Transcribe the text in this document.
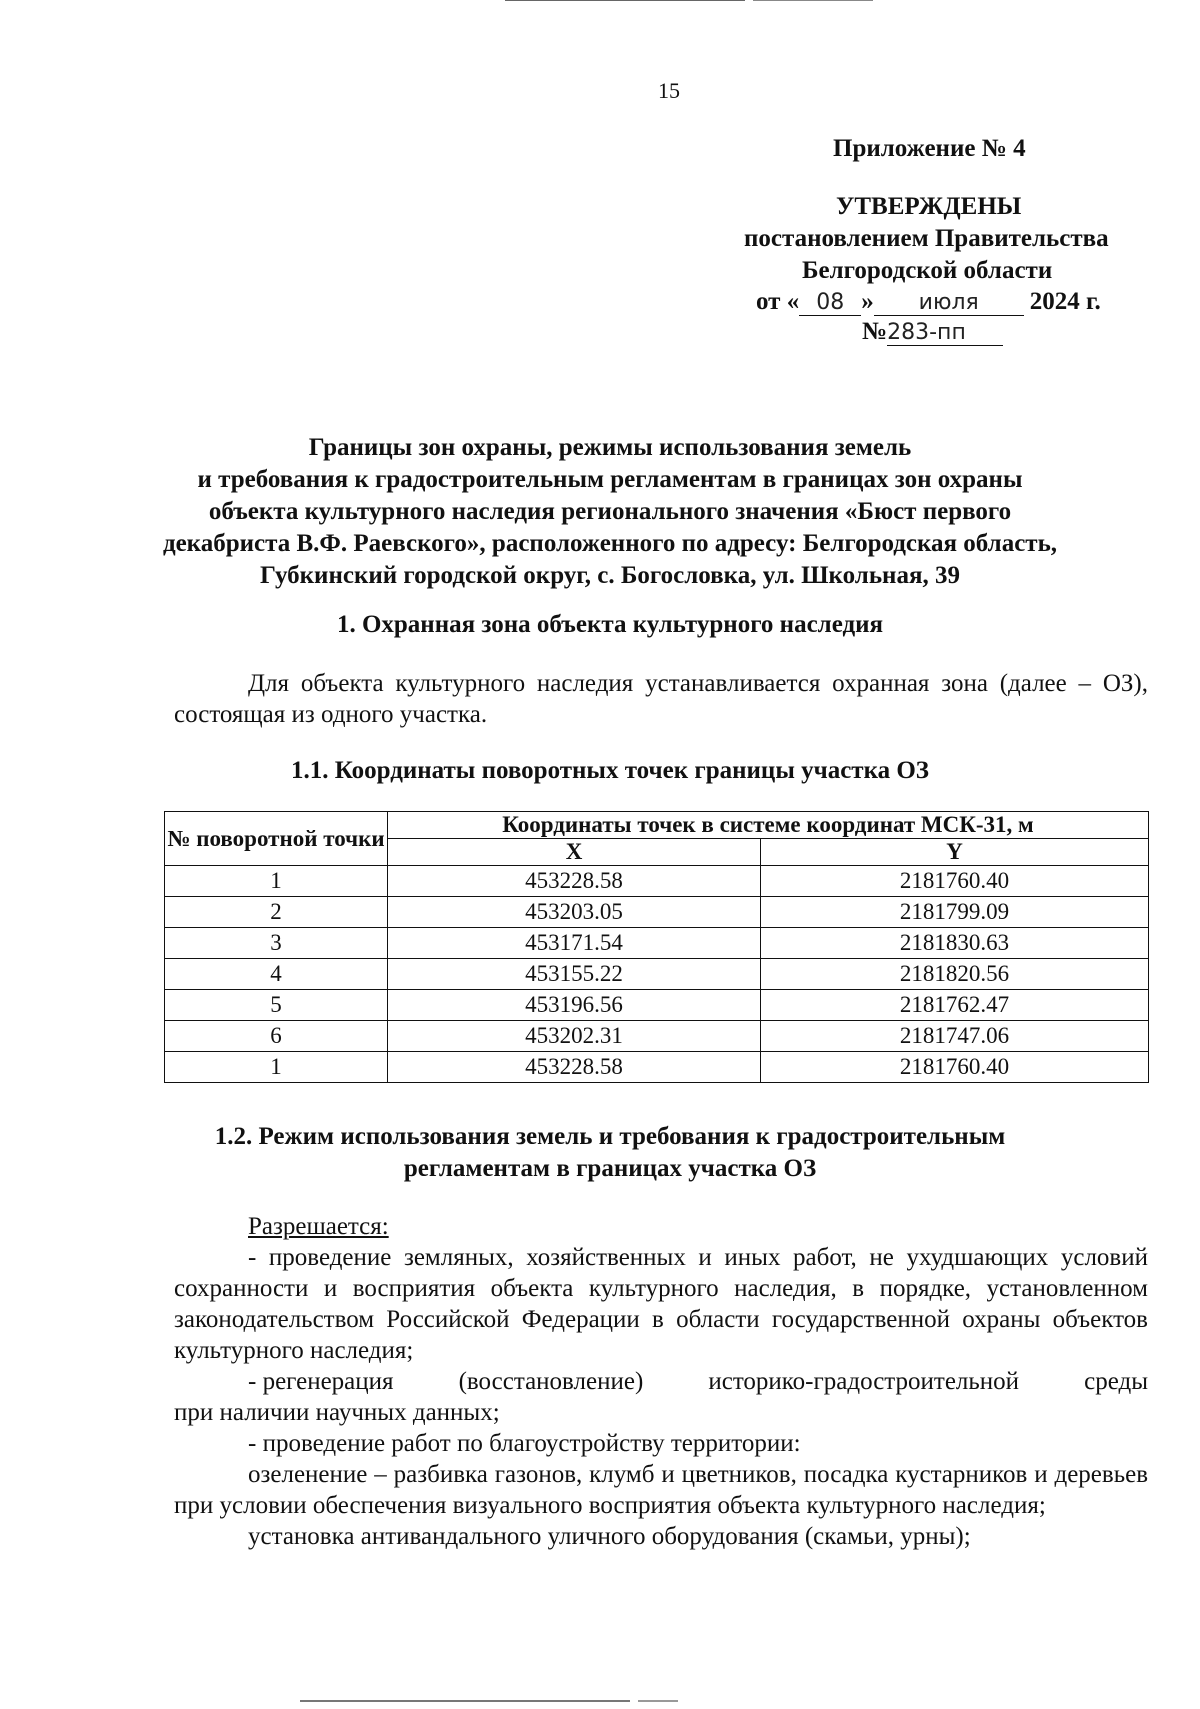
15
Приложение № 4
УТВЕРЖДЕНЫ
постановлением Правительства
Белгородской области
от « 08 » июля 2024 г.
№283-пп
Границы зон охраны, режимы использования земель
и требования к градостроительным регламентам в границах зон охраны
объекта культурного наследия регионального значения «Бюст первого
декабриста В.Ф. Раевского», расположенного по адресу: Белгородская область,
Губкинский городской округ, с. Богословка, ул. Школьная, 39
1. Охранная зона объекта культурного наследия

Для объекта культурного наследия устанавливается охранная зона (далее – ОЗ), состоящая из одного участка.

1.1. Координаты поворотных точек границы участка ОЗ
№ поворотной точки	Координаты точек в системе координат МСК-31, м	
	X	Y
1	453228.58	2181760.40
2	453203.05	2181799.09
3	453171.54	2181830.63
4	453155.22	2181820.56
5	453196.56	2181762.47
6	453202.31	2181747.06
1	453228.58	2181760.40
1.2. Режим использования земель и требования к градостроительным
регламентам в границах участка ОЗ

Разрешается:

- проведение земляных, хозяйственных и иных работ, не ухудшающих условий сохранности и восприятия объекта культурного наследия, в порядке, установленном законодательством Российской Федерации в области государственной охраны объектов культурного наследия;

- регенерация	(восстановление)	историко-градостроительной	среды

при наличии научных данных;

- проведение работ по благоустройству территории:

озеленение – разбивка газонов, клумб и цветников, посадка кустарников и деревьев при условии обеспечения визуального восприятия объекта культурного наследия;

установка антивандального уличного оборудования (скамьи, урны);
